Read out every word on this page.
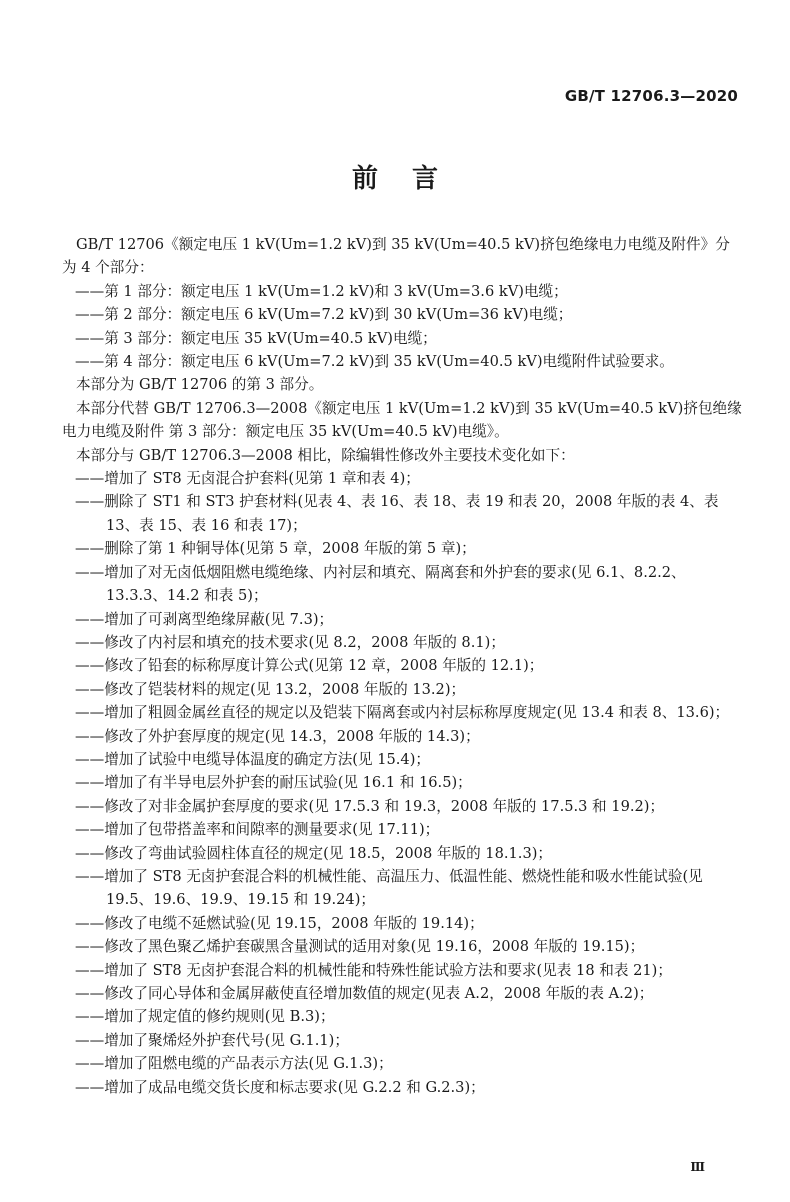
GB/T 12706.3—2020
前言

GB/T 12706《额定电压 1 kV(Um=1.2 kV)到 35 kV(Um=40.5 kV)挤包绝缘电力电缆及附件》分为 4 个部分：

——第 1 部分：额定电压 1 kV(Um=1.2 kV)和 3 kV(Um=3.6 kV)电缆；

——第 2 部分：额定电压 6 kV(Um=7.2 kV)到 30 kV(Um=36 kV)电缆；

——第 3 部分：额定电压 35 kV(Um=40.5 kV)电缆；

——第 4 部分：额定电压 6 kV(Um=7.2 kV)到 35 kV(Um=40.5 kV)电缆附件试验要求。

本部分为 GB/T 12706 的第 3 部分。

本部分代替 GB/T 12706.3—2008《额定电压 1 kV(Um=1.2 kV)到 35 kV(Um=40.5 kV)挤包绝缘电力电缆及附件 第 3 部分：额定电压 35 kV(Um=40.5 kV)电缆》。

本部分与 GB/T 12706.3—2008 相比，除编辑性修改外主要技术变化如下：

——增加了 ST8 无卤混合护套料(见第 1 章和表 4)；

——删除了 ST1 和 ST3 护套材料(见表 4、表 16、表 18、表 19 和表 20，2008 年版的表 4、表 13、表 15、表 16 和表 17)；

——删除了第 1 种铜导体(见第 5 章，2008 年版的第 5 章)；

——增加了对无卤低烟阻燃电缆绝缘、内衬层和填充、隔离套和外护套的要求(见 6.1、8.2.2、13.3.3、14.2 和表 5)；

——增加了可剥离型绝缘屏蔽(见 7.3)；

——修改了内衬层和填充的技术要求(见 8.2，2008 年版的 8.1)；

——修改了铅套的标称厚度计算公式(见第 12 章，2008 年版的 12.1)；

——修改了铠装材料的规定(见 13.2，2008 年版的 13.2)；

——增加了粗圆金属丝直径的规定以及铠装下隔离套或内衬层标称厚度规定(见 13.4 和表 8、13.6)；

——修改了外护套厚度的规定(见 14.3，2008 年版的 14.3)；

——增加了试验中电缆导体温度的确定方法(见 15.4)；

——增加了有半导电层外护套的耐压试验(见 16.1 和 16.5)；

——修改了对非金属护套厚度的要求(见 17.5.3 和 19.3，2008 年版的 17.5.3 和 19.2)；

——增加了包带搭盖率和间隙率的测量要求(见 17.11)；

——修改了弯曲试验圆柱体直径的规定(见 18.5，2008 年版的 18.1.3)；

——增加了 ST8 无卤护套混合料的机械性能、高温压力、低温性能、燃烧性能和吸水性能试验(见 19.5、19.6、19.9、19.15 和 19.24)；

——修改了电缆不延燃试验(见 19.15，2008 年版的 19.14)；

——修改了黑色聚乙烯护套碳黑含量测试的适用对象(见 19.16，2008 年版的 19.15)；

——增加了 ST8 无卤护套混合料的机械性能和特殊性能试验方法和要求(见表 18 和表 21)；

——修改了同心导体和金属屏蔽使直径增加数值的规定(见表 A.2，2008 年版的表 A.2)；

——增加了规定值的修约规则(见 B.3)；

——增加了聚烯烃外护套代号(见 G.1.1)；

——增加了阻燃电缆的产品表示方法(见 G.1.3)；

——增加了成品电缆交货长度和标志要求(见 G.2.2 和 G.2.3)；

Ⅲ
